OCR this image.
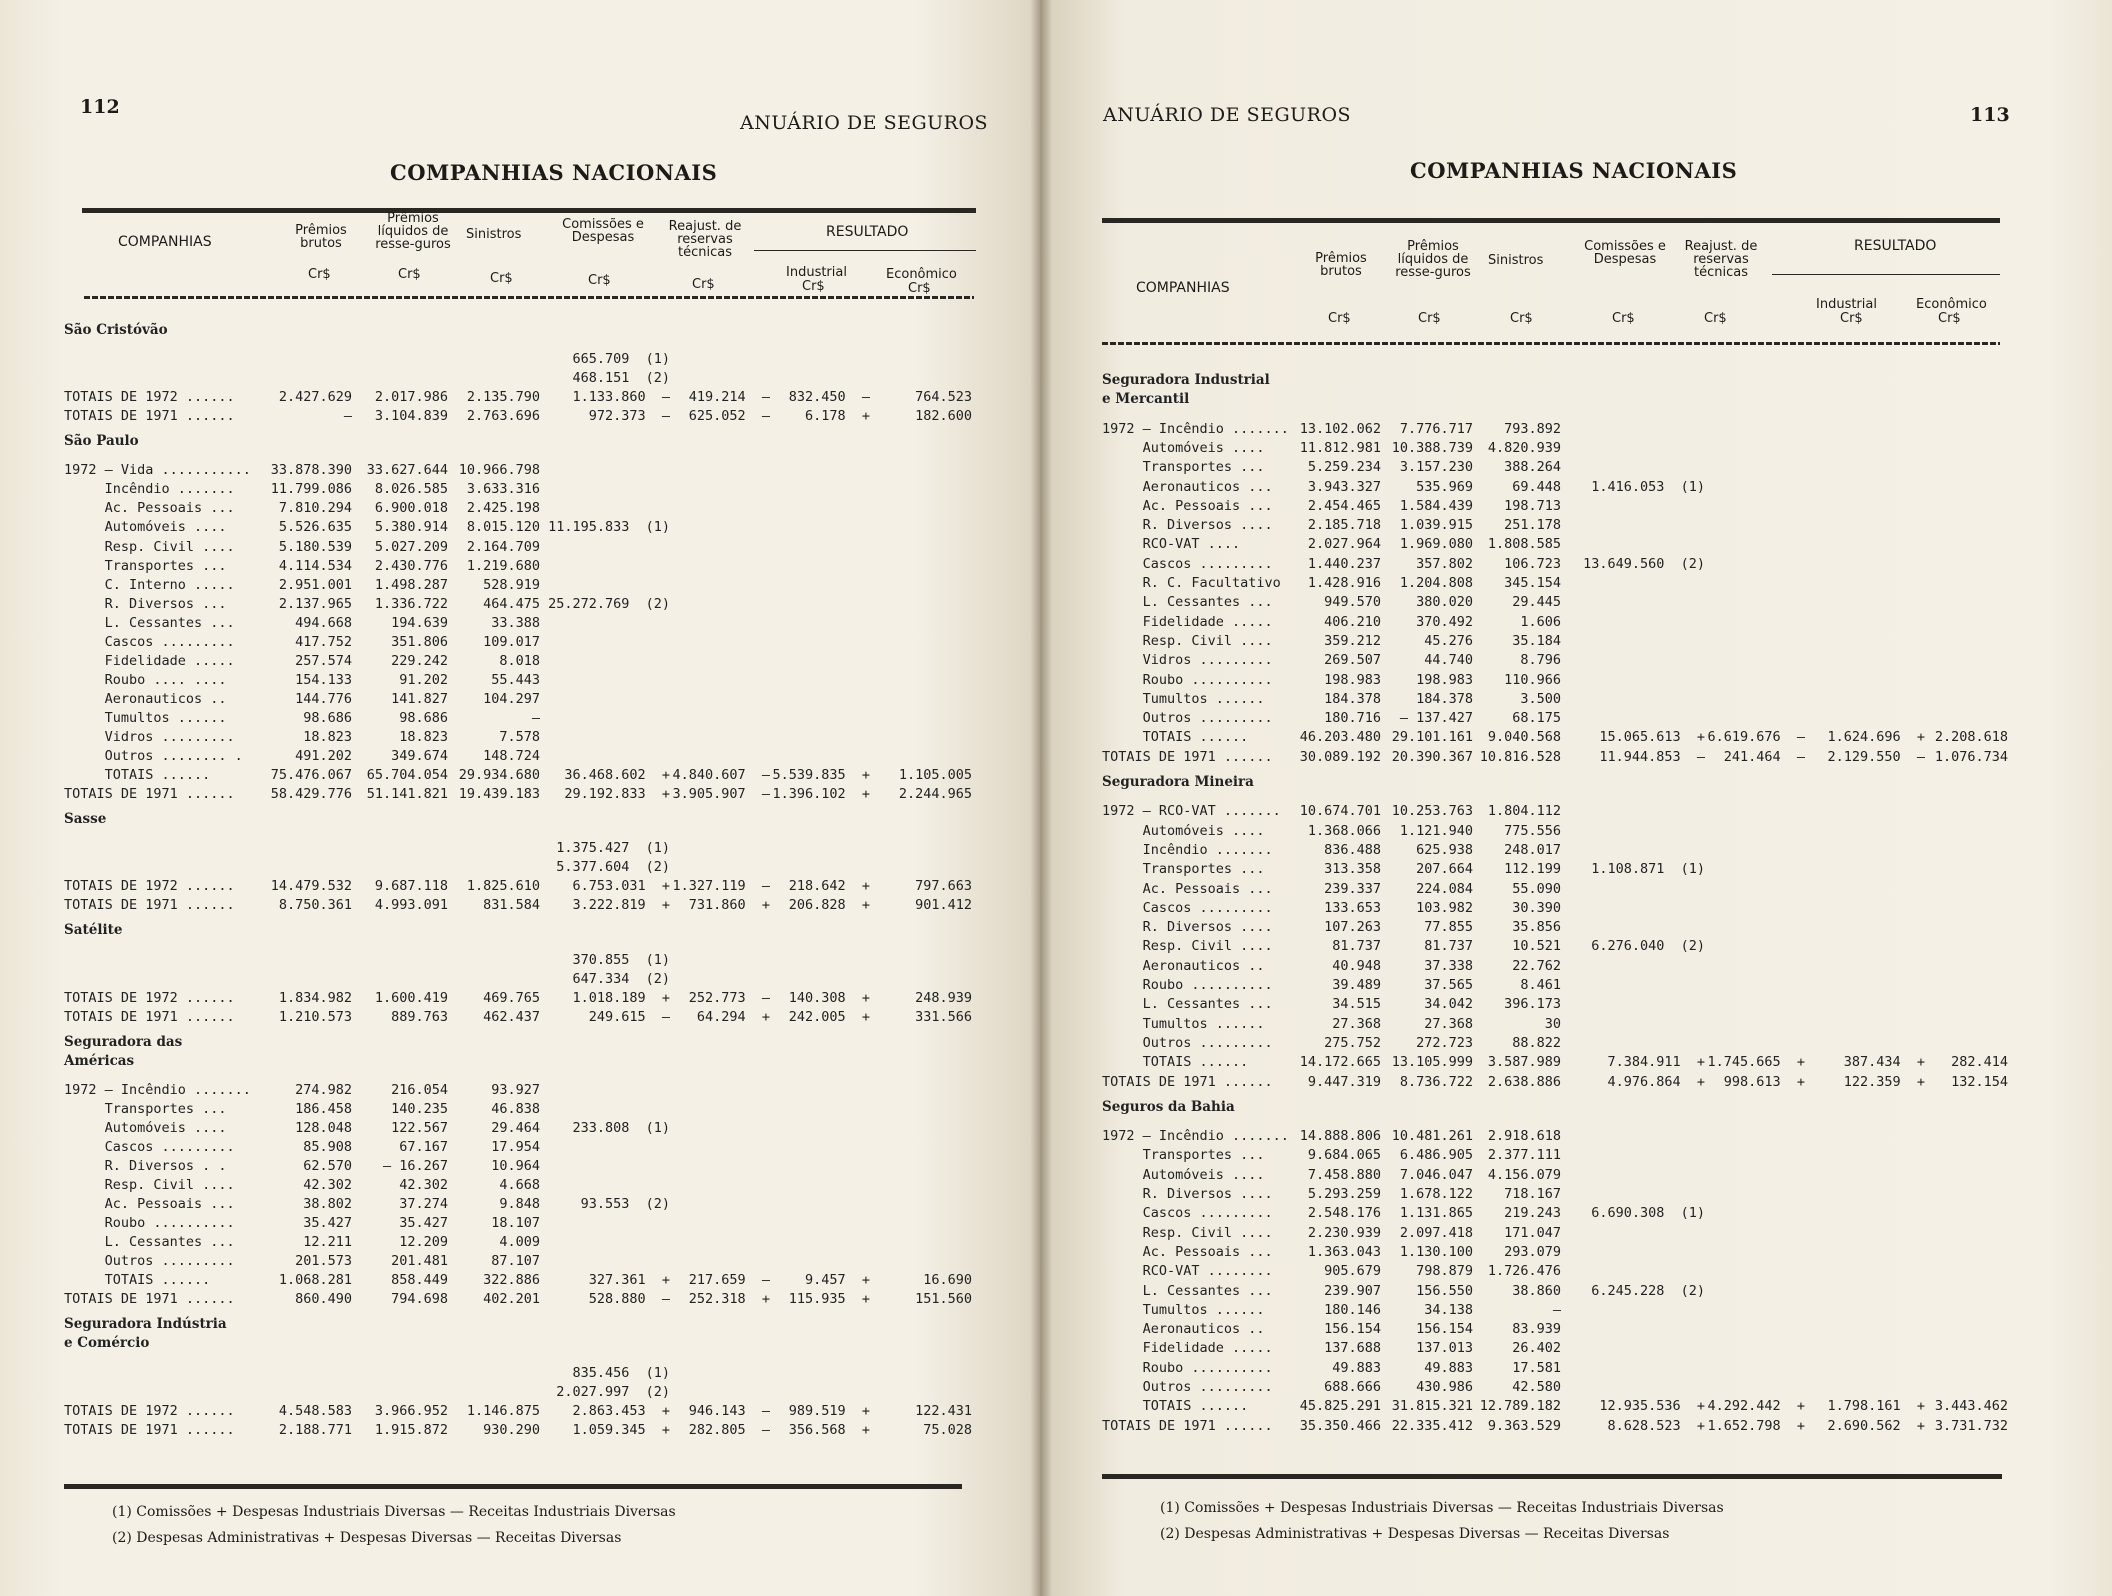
112
ANUÁRIO DE SEGUROS
COMPANHIAS NACIONAIS
COMPANHIAS
Prêmios brutos
Prêmios líquidos de resse-guros
Sinistros
Comissões e Despesas
Reajust. de reservas técnicas
RESULTADO
Industrial	Econômico
Cr$	Cr$	Cr$	Cr$	Cr$	Cr$	Cr$
São Cristóvão
665.709  (1)
468.151  (2)
TOTAIS DE 1972 ......	2.427.629 2.017.986 2.135.790 1.133.860  — 419.214  — 832.450  —	764.523
TOTAIS DE 1971 ......	— 3.104.839 2.763.696	972.373  — 625.052  —	6.178  +	182.600
São Paulo
1972 — Vida ........... 33.878.390 33.627.644 10.966.798
Incêndio .......	11.799.086 8.026.585 3.633.316
Ac. Pessoais ...	7.810.294 6.900.018 2.425.198
Automóveis ....	5.526.635 5.380.914 8.015.120 11.195.833  (1)
Resp. Civil ....	5.180.539 5.027.209 2.164.709
Transportes ...	4.114.534 2.430.776 1.219.680
C. Interno .....	2.951.001 1.498.287	528.919
R. Diversos ...	2.137.965 1.336.722	464.475 25.272.769  (2)
L. Cessantes ...	494.668	194.639	33.388
Cascos .........	417.752	351.806	109.017
Fidelidade .....	257.574	229.242	8.018
Roubo .... ....	154.133	91.202	55.443
Aeronauticos ..	144.776	141.827	104.297
Tumultos ......	98.686	98.686	—
Vidros .........	18.823	18.823	7.578
Outros ........ .	491.202	349.674	148.724
TOTAIS ......	75.476.067 65.704.054 29.934.680 36.468.602  + 4.840.607  — 5.539.835  + 1.105.005
TOTAIS DE 1971 ......	58.429.776 51.141.821 19.439.183 29.192.833  + 3.905.907  — 1.396.102  + 2.244.965
Sasse
1.375.427  (1)
5.377.604  (2)
TOTAIS DE 1972 ......	14.479.532 9.687.118 1.825.610 6.753.031  + 1.327.119  — 218.642  +	797.663
TOTAIS DE 1971 ......	8.750.361 4.993.091	831.584 3.222.819  + 731.860  + 206.828  +	901.412
Satélite
370.855  (1)
647.334  (2)
TOTAIS DE 1972 ......	1.834.982 1.600.419	469.765 1.018.189  + 252.773  — 140.308  +	248.939
TOTAIS DE 1971 ......	1.210.573	889.763	462.437	249.615  — 64.294  + 242.005  +	331.566
Seguradora das
Américas
1972 — Incêndio .......	274.982	216.054	93.927
Transportes ...	186.458	140.235	46.838
Automóveis ....	128.048	122.567	29.464 233.808  (1)
Cascos .........	85.908	67.167	17.954
R. Diversos . .	62.570 — 16.267	10.964
Resp. Civil ....	42.302	42.302	4.668
Ac. Pessoais ...	38.802	37.274	9.848	93.553  (2)
Roubo ..........	35.427	35.427	18.107
L. Cessantes ...	12.211	12.209	4.009
Outros .........	201.573	201.481	87.107
TOTAIS ......	1.068.281	858.449	322.886	327.361  + 217.659  —	9.457  +	16.690
TOTAIS DE 1971 ......	860.490	794.698	402.201	528.880  — 252.318  + 115.935  +	151.560
Seguradora Indústria
e Comércio
835.456  (1)
2.027.997  (2)
TOTAIS DE 1972 ......	4.548.583 3.966.952 1.146.875 2.863.453  + 946.143  — 989.519  +	122.431
TOTAIS DE 1971 ......	2.188.771 1.915.872	930.290 1.059.345  + 282.805  — 356.568  +	75.028
(1) Comissões + Despesas Industriais Diversas — Receitas Industriais Diversas
(2) Despesas Administrativas + Despesas Diversas — Receitas Diversas
ANUÁRIO DE SEGUROS	113
COMPANHIAS NACIONAIS
COMPANHIAS
Prêmios brutos
Prêmios líquidos de resse-guros
Sinistros
Comissões e Despesas
Reajust. de reservas técnicas
RESULTADO
Industrial	Econômico
Cr$	Cr$	Cr$	Cr$	Cr$	Cr$	Cr$
Seguradora Industrial
e Mercantil
1972 — Incêndio ....... 13.102.062 7.776.717 793.892
Automóveis ....	11.812.981 10.388.739 4.820.939
Transportes ...	5.259.234 3.157.230 388.264
Aeronauticos ...	3.943.327	535.969	69.448 1.416.053  (1)
Ac. Pessoais ...	2.454.465 1.584.439 198.713
R. Diversos ....	2.185.718 1.039.915 251.178
RCO-VAT ....	2.027.964 1.969.080 1.808.585
Cascos .........	1.440.237	357.802 106.723 13.649.560  (2)
R. C. Facultativo 1.428.916 1.204.808 345.154
L. Cessantes ...	949.570	380.020	29.445
Fidelidade .....	406.210	370.492	1.606
Resp. Civil ....	359.212	45.276	35.184
Vidros .........	269.507	44.740	8.796
Roubo ..........	198.983	198.983 110.966
Tumultos ......	184.378	184.378	3.500
Outros .........	180.716 — 137.427	68.175
TOTAIS ......	46.203.480 29.101.161 9.040.568	15.065.613  + 6.619.676  — 1.624.696  + 2.208.618
TOTAIS DE 1971 ...... 30.089.192 20.390.367 10.816.528	11.944.853  — 241.464  — 2.129.550  — 1.076.734
Seguradora Mineira
1972 — RCO-VAT ....... 10.674.701 10.253.763 1.804.112
Automóveis ....	1.368.066 1.121.940 775.556
Incêndio .......	836.488	625.938 248.017
Transportes ...	313.358	207.664 112.199 1.108.871  (1)
Ac. Pessoais ...	239.337	224.084	55.090
Cascos .........	133.653	103.982	30.390
R. Diversos ....	107.263	77.855	35.856
Resp. Civil ....	81.737	81.737	10.521 6.276.040  (2)
Aeronauticos ..	40.948	37.338	22.762
Roubo ..........	39.489	37.565	8.461
L. Cessantes ...	34.515	34.042 396.173
Tumultos ......	27.368	27.368	30
Outros .........	275.752	272.723	88.822
TOTAIS ......	14.172.665 13.105.999 3.587.989	7.384.911  + 1.745.665  +	387.434  + 282.414
TOTAIS DE 1971 ......	9.447.319 8.736.722 2.638.886	4.976.864  + 998.613  +	122.359  + 132.154
Seguros da Bahia
1972 — Incêndio ....... 14.888.806 10.481.261 2.918.618
Transportes ...	9.684.065 6.486.905 2.377.111
Automóveis ....	7.458.880 7.046.047 4.156.079
R. Diversos ....	5.293.259 1.678.122 718.167
Cascos .........	2.548.176 1.131.865 219.243 6.690.308  (1)
Resp. Civil ....	2.230.939 2.097.418 171.047
Ac. Pessoais ...	1.363.043 1.130.100 293.079
RCO-VAT ........	905.679	798.879 1.726.476
L. Cessantes ...	239.907	156.550	38.860 6.245.228  (2)
Tumultos ......	180.146	34.138	—
Aeronauticos ..	156.154	156.154	83.939
Fidelidade .....	137.688	137.013	26.402
Roubo ..........	49.883	49.883	17.581
Outros .........	688.666	430.986	42.580
TOTAIS ......	45.825.291 31.815.321 12.789.182	12.935.536  + 4.292.442  + 1.798.161  + 3.443.462
TOTAIS DE 1971 ...... 35.350.466 22.335.412 9.363.529	8.628.523  + 1.652.798  + 2.690.562  + 3.731.732
(1) Comissões + Despesas Industriais Diversas — Receitas Industriais Diversas
(2) Despesas Administrativas + Despesas Diversas — Receitas Diversas
